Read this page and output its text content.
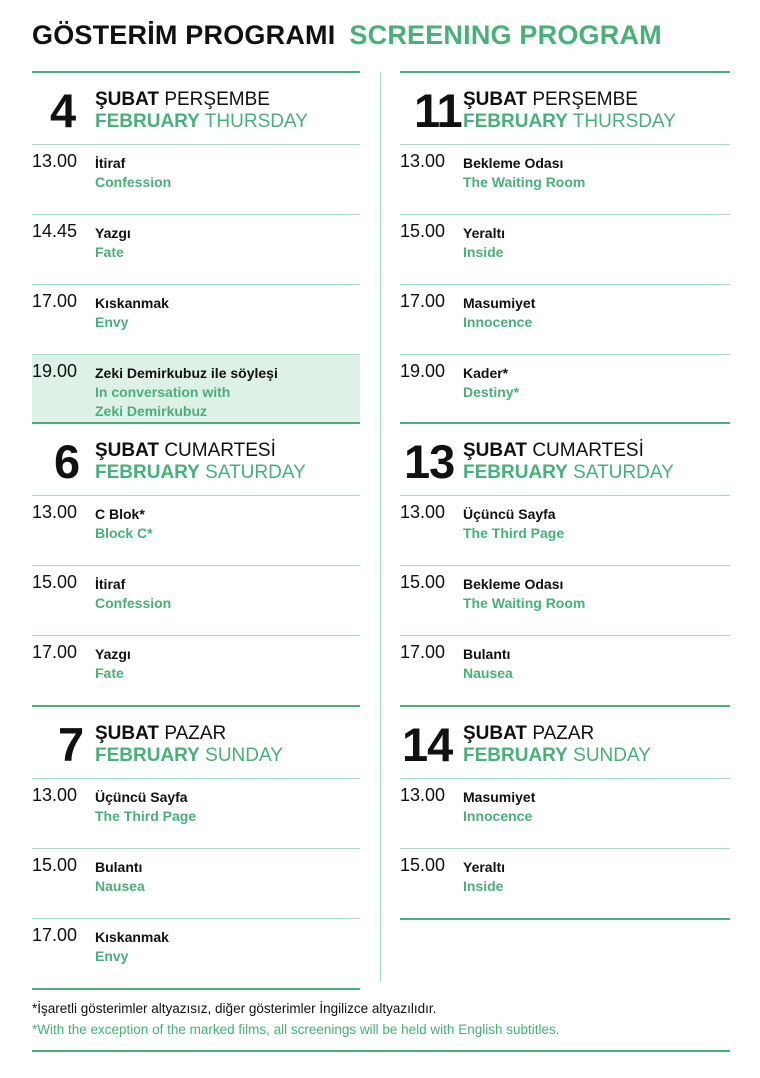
GÖSTERİM PROGRAMI SCREENING PROGRAM
4 ŞUBAT PERŞEMBE
FEBRUARY THURSDAY
13.00 İtiraf
Confession
14.45 Yazgı
Fate
17.00 Kıskanmak
Envy
19.00 Zeki Demirkubuz ile söyleşi
In conversation with
Zeki Demirkubuz
6 ŞUBAT CUMARTESİ
FEBRUARY SATURDAY
13.00 C Blok*
Block C*
15.00 İtiraf
Confession
17.00 Yazgı
Fate
7 ŞUBAT PAZAR
FEBRUARY SUNDAY
13.00 Üçüncü Sayfa
The Third Page
15.00 Bulantı
Nausea
17.00 Kıskanmak
Envy
11 ŞUBAT PERŞEMBE
FEBRUARY THURSDAY
13.00 Bekleme Odası
The Waiting Room
15.00 Yeraltı
Inside
17.00 Masumiyet
Innocence
19.00 Kader*
Destiny*
13 ŞUBAT CUMARTESİ
FEBRUARY SATURDAY
13.00 Üçüncü Sayfa
The Third Page
15.00 Bekleme Odası
The Waiting Room
17.00 Bulantı
Nausea
14 ŞUBAT PAZAR
FEBRUARY SUNDAY
13.00 Masumiyet
Innocence
15.00 Yeraltı
Inside
*İşaretli gösterimler altyazısız, diğer gösterimler İngilizce altyazılıdır.
*With the exception of the marked films, all screenings will be held with English subtitles.
